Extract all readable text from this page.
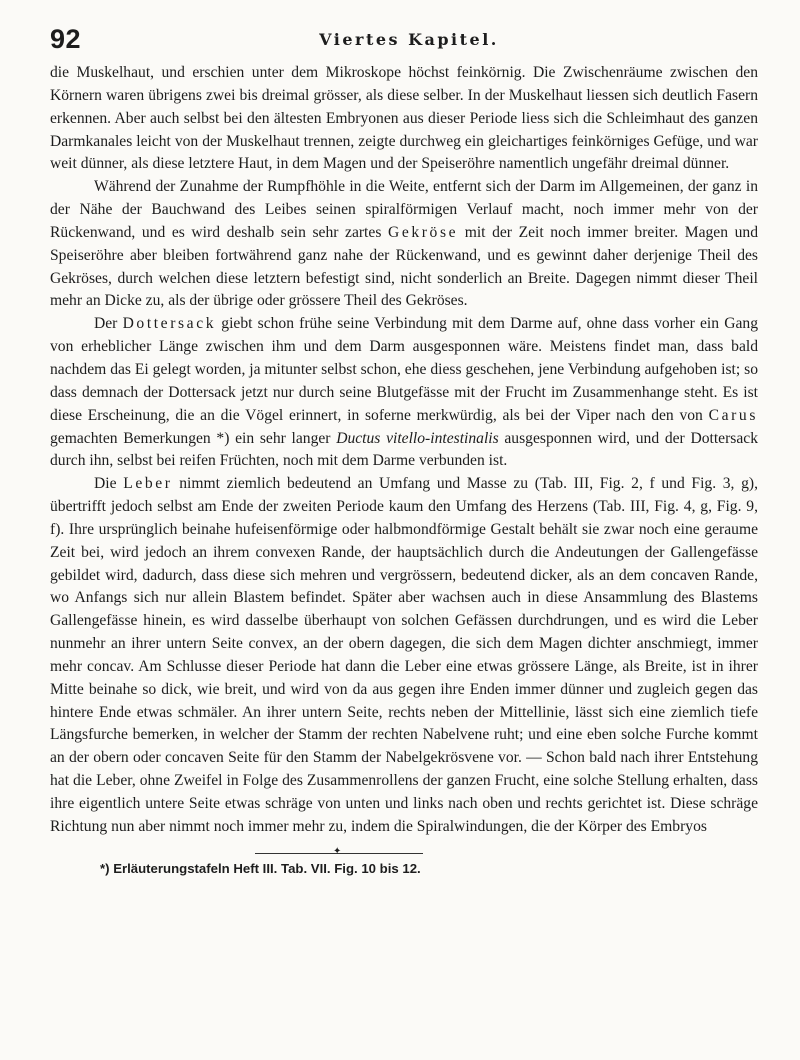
92	Viertes Kapitel.

die Muskelhaut, und erschien unter dem Mikroskope höchst feinkörnig. Die Zwischenräume zwischen den Körnern waren übrigens zwei bis dreimal grösser, als diese selber. In der Muskelhaut liessen sich deutlich Fasern erkennen. Aber auch selbst bei den ältesten Embryonen aus dieser Periode liess sich die Schleimhaut des ganzen Darmkanales leicht von der Muskelhaut trennen, zeigte durchweg ein gleichartiges feinkörniges Gefüge, und war weit dünner, als diese letztere Haut, in dem Magen und der Speiseröhre namentlich ungefähr dreimal dünner.

Während der Zunahme der Rumpfhöhle in die Weite, entfernt sich der Darm im Allgemeinen, der ganz in der Nähe der Bauchwand des Leibes seinen spiralförmigen Verlauf macht, noch immer mehr von der Rückenwand, und es wird deshalb sein sehr zartes Gekröse mit der Zeit noch immer breiter. Magen und Speiseröhre aber bleiben fortwährend ganz nahe der Rückenwand, und es gewinnt daher derjenige Theil des Gekröses, durch welchen diese letztern befestigt sind, nicht sonderlich an Breite. Dagegen nimmt dieser Theil mehr an Dicke zu, als der übrige oder grössere Theil des Gekröses.

Der Dottersack giebt schon frühe seine Verbindung mit dem Darme auf, ohne dass vorher ein Gang von erheblicher Länge zwischen ihm und dem Darm ausgesponnen wäre. Meistens findet man, dass bald nachdem das Ei gelegt worden, ja mitunter selbst schon, ehe diess geschehen, jene Verbindung aufgehoben ist; so dass demnach der Dottersack jetzt nur durch seine Blutgefässe mit der Frucht im Zusammenhange steht. Es ist diese Erscheinung, die an die Vögel erinnert, in soferne merkwürdig, als bei der Viper nach den von Carus gemachten Bemerkungen *) ein sehr langer Ductus vitello-intestinalis ausgesponnen wird, und der Dottersack durch ihn, selbst bei reifen Früchten, noch mit dem Darme verbunden ist.

Die Leber nimmt ziemlich bedeutend an Umfang und Masse zu (Tab. III, Fig. 2, f und Fig. 3, g), übertrifft jedoch selbst am Ende der zweiten Periode kaum den Umfang des Herzens (Tab. III, Fig. 4, g, Fig. 9, f). Ihre ursprünglich beinahe hufeisenförmige oder halbmondförmige Gestalt behält sie zwar noch eine geraume Zeit bei, wird jedoch an ihrem convexen Rande, der hauptsächlich durch die Andeutungen der Gallengefässe gebildet wird, dadurch, dass diese sich mehren und vergrössern, bedeutend dicker, als an dem concaven Rande, wo Anfangs sich nur allein Blastem befindet. Später aber wachsen auch in diese Ansammlung des Blastems Gallengefässe hinein, es wird dasselbe überhaupt von solchen Gefässen durchdrungen, und es wird die Leber nunmehr an ihrer untern Seite convex, an der obern dagegen, die sich dem Magen dichter anschmiegt, immer mehr concav. Am Schlusse dieser Periode hat dann die Leber eine etwas grössere Länge, als Breite, ist in ihrer Mitte beinahe so dick, wie breit, und wird von da aus gegen ihre Enden immer dünner und zugleich gegen das hintere Ende etwas schmäler. An ihrer untern Seite, rechts neben der Mittellinie, lässt sich eine ziemlich tiefe Längsfurche bemerken, in welcher der Stamm der rechten Nabelvene ruht; und eine eben solche Furche kommt an der obern oder concaven Seite für den Stamm der Nabelgekrösvene vor. — Schon bald nach ihrer Entstehung hat die Leber, ohne Zweifel in Folge des Zusammenrollens der ganzen Frucht, eine solche Stellung erhalten, dass ihre eigentlich untere Seite etwas schräge von unten und links nach oben und rechts gerichtet ist. Diese schräge Richtung nun aber nimmt noch immer mehr zu, indem die Spiralwindungen, die der Körper des Embryos

✦
*) Erläuterungstafeln Heft III. Tab. VII. Fig. 10 bis 12.
